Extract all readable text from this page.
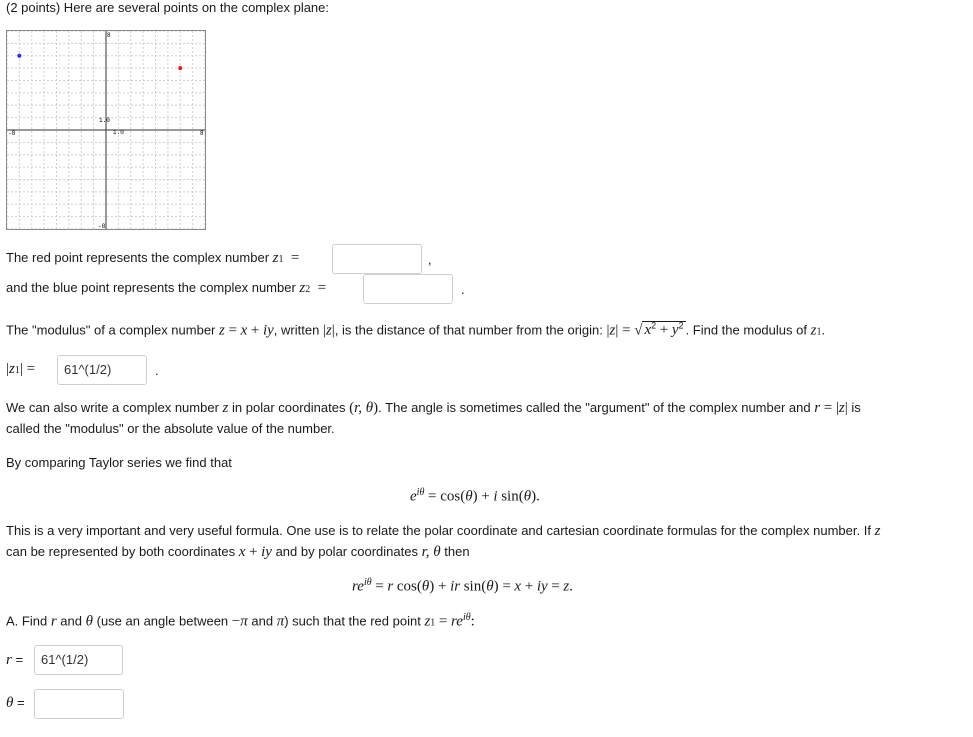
(2 points) Here are several points on the complex plane:
-8	8
8
-8
1.0
1.0
The red point represents the complex number z1  =	,
and the blue point represents the complex number z2  =	.
The "modulus" of a complex number z = x + iy, written |z|, is the distance of that number from the origin: |z| = √ $x^2 + y^2$ . Find the modulus of z1.
|z1| =	61^(1/2)	.
We can also write a complex number z in polar coordinates (r, θ). The angle is sometimes called the "argument" of the complex number and r = |z| is
called the "modulus" or the absolute value of the number.
By comparing Taylor series we find that
$e^{i\theta} = \cos(\theta) + i$ sin(θ).
This is a very important and very useful formula. One use is to relate the polar coordinate and cartesian coordinate formulas for the complex number. If z
can be represented by both coordinates x + iy and by polar coordinates r, θ then
$re^{i\theta} = r$ cos(θ) + ir sin(θ) = x + iy = z.
A. Find r and θ (use an angle between −π and π) such that the red point $z1 = re^{i\theta}$:
r =	61^(1/2)
θ =
